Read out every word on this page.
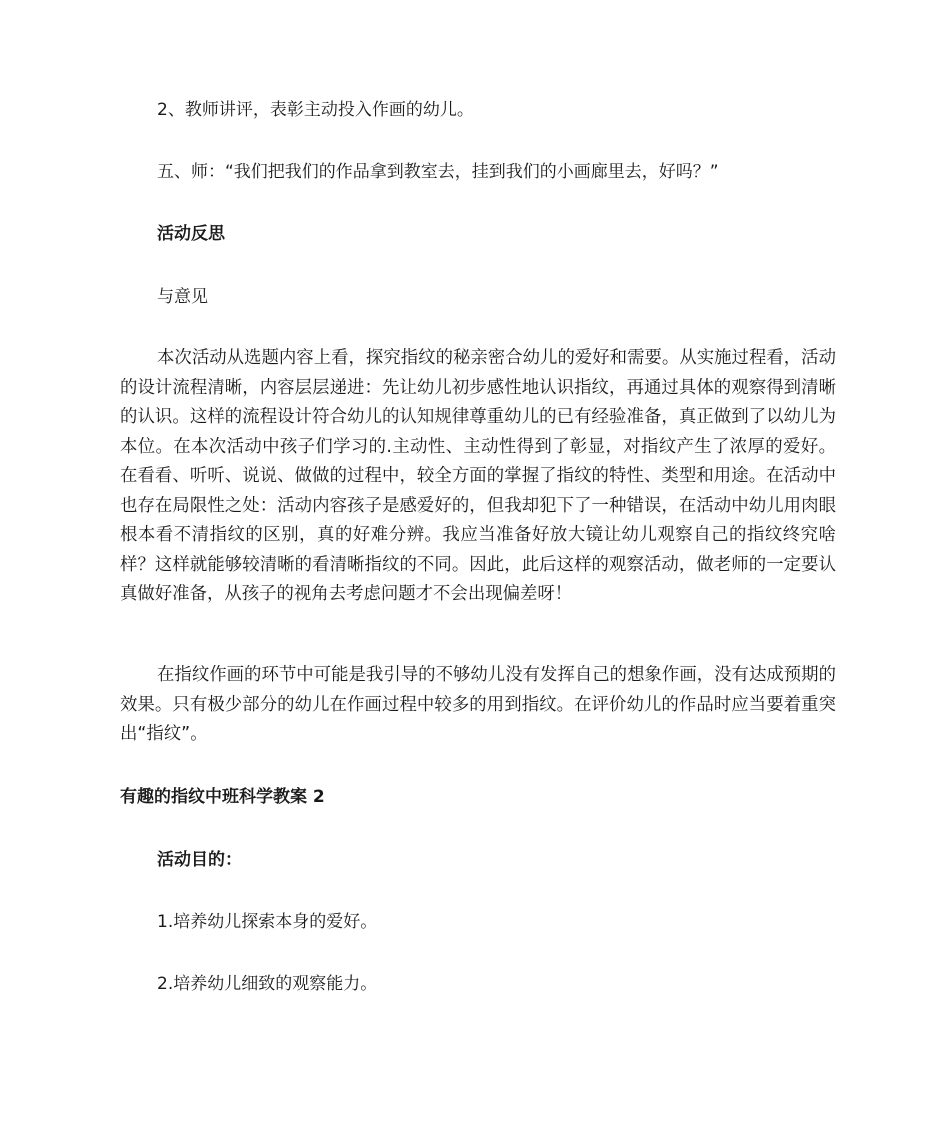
2、教师讲评，表彰主动投入作画的幼儿。
五、师：“我们把我们的作品拿到教室去，挂到我们的小画廊里去，好吗？”
活动反思
与意见

本次活动从选题内容上看，探究指纹的秘亲密合幼儿的爱好和需要。从实施过程看，活动的设计流程清晰，内容层层递进：先让幼儿初步感性地认识指纹，再通过具体的观察得到清晰的认识。这样的流程设计符合幼儿的认知规律尊重幼儿的已有经验准备，真正做到了以幼儿为本位。在本次活动中孩子们学习的.主动性、主动性得到了彰显，对指纹产生了浓厚的爱好。在看看、听听、说说、做做的过程中，较全方面的掌握了指纹的特性、类型和用途。在活动中也存在局限性之处：活动内容孩子是感爱好的，但我却犯下了一种错误，在活动中幼儿用肉眼根本看不清指纹的区别，真的好难分辨。我应当准备好放大镜让幼儿观察自己的指纹终究啥样？这样就能够较清晰的看清晰指纹的不同。因此，此后这样的观察活动，做老师的一定要认真做好准备，从孩子的视角去考虑问题才不会出现偏差呀！

在指纹作画的环节中可能是我引导的不够幼儿没有发挥自己的想象作画，没有达成预期的效果。只有极少部分的幼儿在作画过程中较多的用到指纹。在评价幼儿的作品时应当要着重突出“指纹”。

有趣的指纹中班科学教案 2
活动目的：
1.培养幼儿探索本身的爱好。
2.培养幼儿细致的观察能力。
